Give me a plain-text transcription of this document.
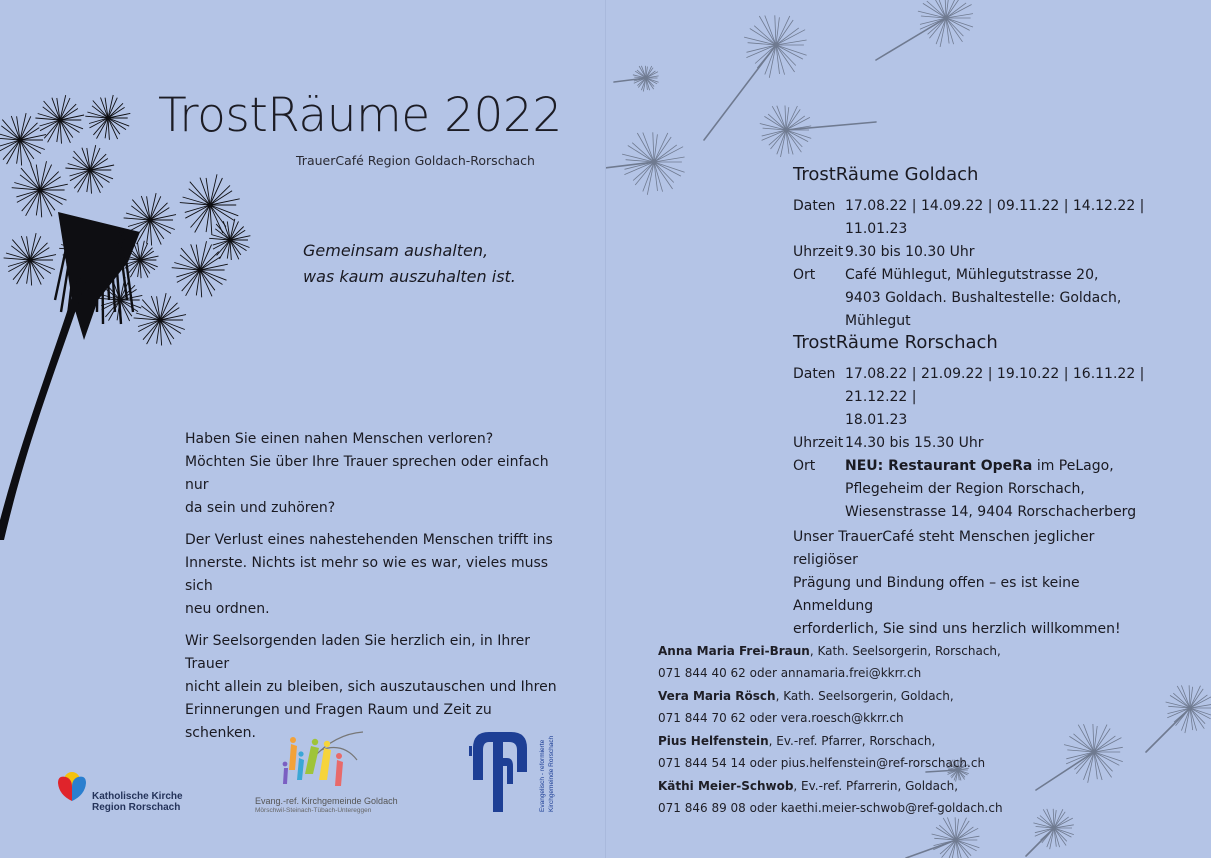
TrostRäume 2022
TrauerCafé Region Goldach-Rorschach
Gemeinsam aushalten,
was kaum auszuhalten ist.

Haben Sie einen nahen Menschen verloren?
Möchten Sie über Ihre Trauer sprechen oder einfach nur
da sein und zuhören?

Der Verlust eines nahestehenden Menschen trifft ins
Innerste. Nichts ist mehr so wie es war, vieles muss sich
neu ordnen.

Wir Seelsorgenden laden Sie herzlich ein, in Ihrer Trauer
nicht allein zu bleiben, sich auszutauschen und Ihren
Erinnerungen und Fragen Raum und Zeit zu schenken.

Katholische Kirche
Region Rorschach
Evang.-ref. Kirchgemeinde Goldach
Mörschwil-Steinach-Tübach-Untereggen	Evangelisch - reformierte Kirchgemeinde Rorschach
TrostRäume Goldach
Daten 17.08.22 | 14.09.22 | 09.11.22 | 14.12.22 | 11.01.23
Uhrzeit 9.30 bis 10.30 Uhr
Ort	Café Mühlegut, Mühlegutstrasse 20,
9403 Goldach. Bushaltestelle: Goldach,
Mühlegut
TrostRäume Rorschach
Daten 17.08.22 | 21.09.22 | 19.10.22 | 16.11.22 | 21.12.22 |
18.01.23
Uhrzeit 14.30 bis 15.30 Uhr
Ort	NEU: Restaurant OpeRa im PeLago,
Pflegeheim der Region Rorschach,
Wiesenstrasse 14, 9404 Rorschacherberg
Unser TrauerCafé steht Menschen jeglicher religiöser
Prägung und Bindung offen – es ist keine Anmeldung
erforderlich, Sie sind uns herzlich willkommen!
Anna Maria Frei-Braun, Kath. Seelsorgerin, Rorschach,
071 844 40 62 oder annamaria.frei@kkrr.ch
Vera Maria Rösch, Kath. Seelsorgerin, Goldach,
071 844 70 62 oder vera.roesch@kkrr.ch
Pius Helfenstein, Ev.-ref. Pfarrer, Rorschach,
071 844 54 14 oder pius.helfenstein@ref-rorschach.ch
Käthi Meier-Schwob, Ev.-ref. Pfarrerin, Goldach,
071 846 89 08 oder kaethi.meier-schwob@ref-goldach.ch
